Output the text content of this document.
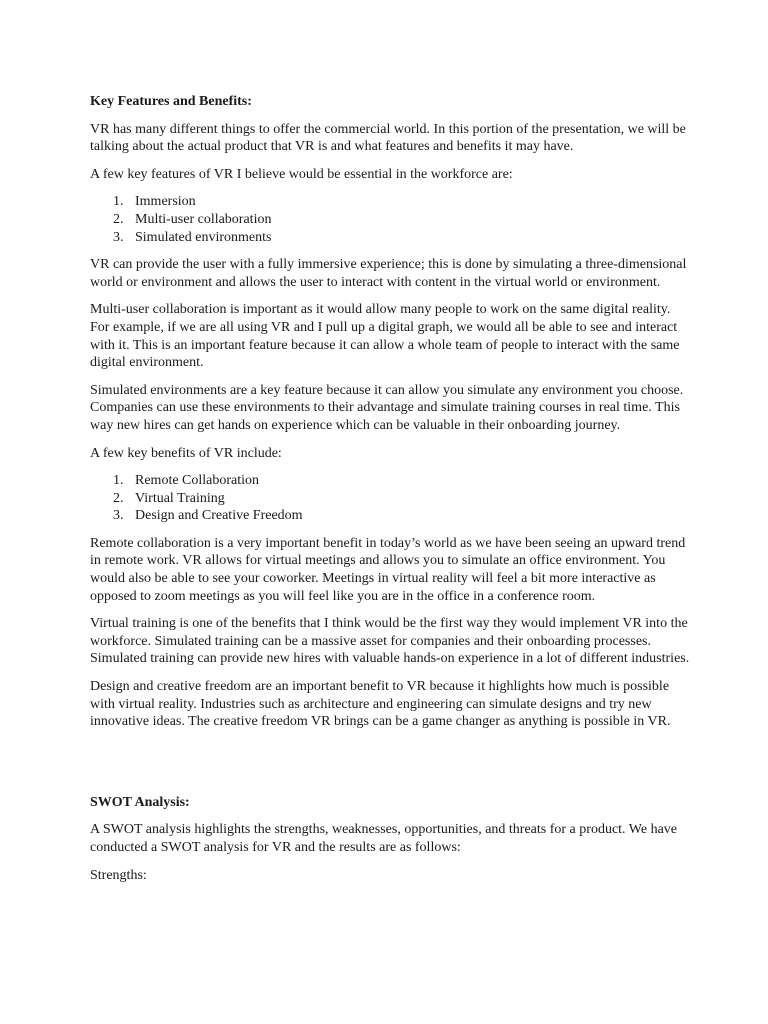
Key Features and Benefits:

VR has many different things to offer the commercial world. In this portion of the presentation, we will be talking about the actual product that VR is and what features and benefits it may have.

A few key features of VR I believe would be essential in the workforce are:

1. Immersion
2. Multi-user collaboration
3. Simulated environments

VR can provide the user with a fully immersive experience; this is done by simulating a three-dimensional world or environment and allows the user to interact with content in the virtual world or environment.

Multi-user collaboration is important as it would allow many people to work on the same digital reality. For example, if we are all using VR and I pull up a digital graph, we would all be able to see and interact with it. This is an important feature because it can allow a whole team of people to interact with the same digital environment.

Simulated environments are a key feature because it can allow you simulate any environment you choose. Companies can use these environments to their advantage and simulate training courses in real time. This way new hires can get hands on experience which can be valuable in their onboarding journey.

A few key benefits of VR include:

1. Remote Collaboration
2. Virtual Training
3. Design and Creative Freedom

Remote collaboration is a very important benefit in today’s world as we have been seeing an upward trend in remote work. VR allows for virtual meetings and allows you to simulate an office environment. You would also be able to see your coworker. Meetings in virtual reality will feel a bit more interactive as opposed to zoom meetings as you will feel like you are in the office in a conference room.

Virtual training is one of the benefits that I think would be the first way they would implement VR into the workforce. Simulated training can be a massive asset for companies and their onboarding processes. Simulated training can provide new hires with valuable hands-on experience in a lot of different industries.

Design and creative freedom are an important benefit to VR because it highlights how much is possible with virtual reality. Industries such as architecture and engineering can simulate designs and try new innovative ideas. The creative freedom VR brings can be a game changer as anything is possible in VR.

SWOT Analysis:

A SWOT analysis highlights the strengths, weaknesses, opportunities, and threats for a product. We have conducted a SWOT analysis for VR and the results are as follows:

Strengths:
